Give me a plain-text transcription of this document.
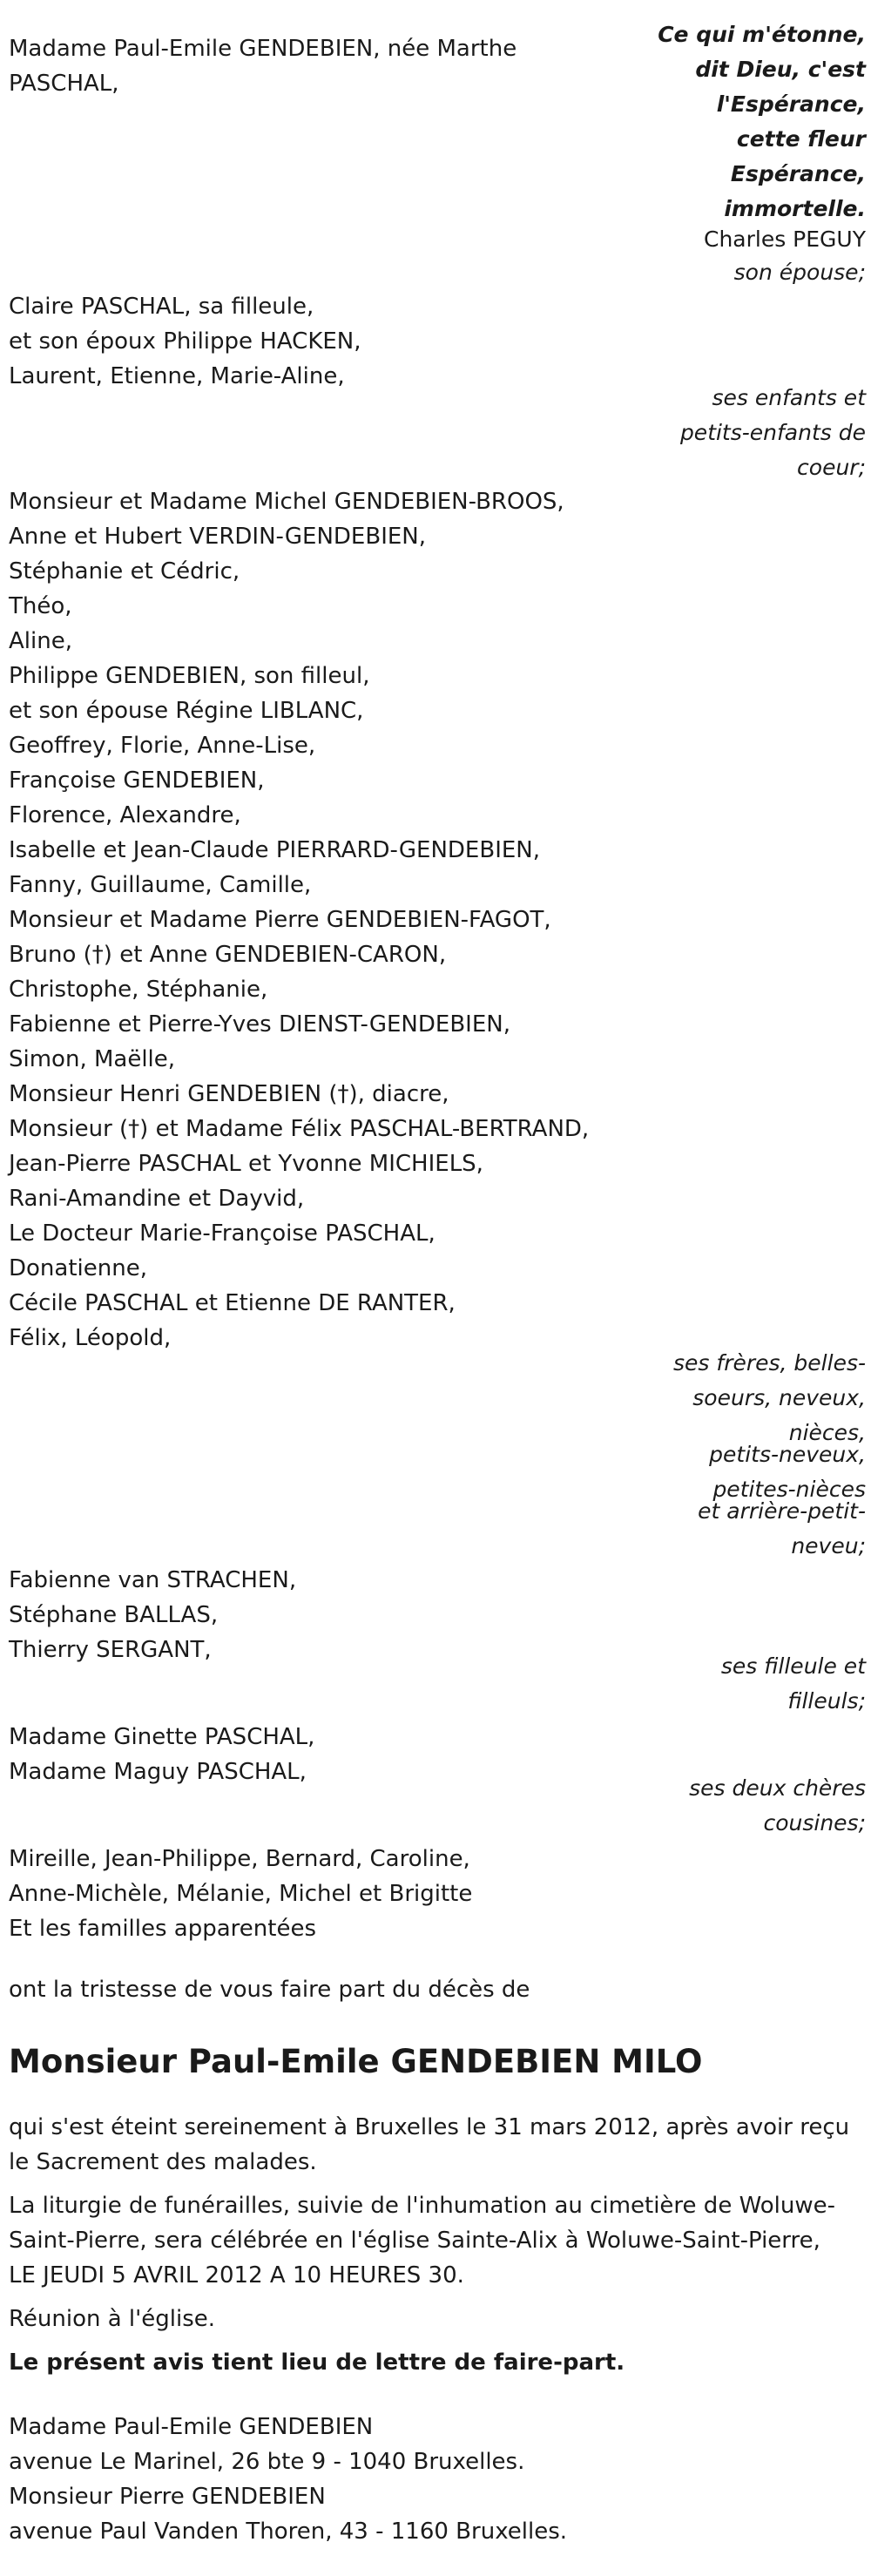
Madame Paul-Emile GENDEBIEN, née Marthe
PASCHAL,
Ce qui m'étonne,
dit Dieu, c'est
l'Espérance,
cette fleur
Espérance,
immortelle.
Charles PEGUY
son épouse;
Claire PASCHAL, sa filleule,
et son époux Philippe HACKEN,
Laurent, Etienne, Marie-Aline,
ses enfants et
petits-enfants de
coeur;
Monsieur et Madame Michel GENDEBIEN-BROOS,
Anne et Hubert VERDIN-GENDEBIEN,
Stéphanie et Cédric,
Théo,
Aline,
Philippe GENDEBIEN, son filleul,
et son épouse Régine LIBLANC,
Geoffrey, Florie, Anne-Lise,
Françoise GENDEBIEN,
Florence, Alexandre,
Isabelle et Jean-Claude PIERRARD-GENDEBIEN,
Fanny, Guillaume, Camille,
Monsieur et Madame Pierre GENDEBIEN-FAGOT,
Bruno (†) et Anne GENDEBIEN-CARON,
Christophe, Stéphanie,
Fabienne et Pierre-Yves DIENST-GENDEBIEN,
Simon, Maëlle,
Monsieur Henri GENDEBIEN (†), diacre,
Monsieur (†) et Madame Félix PASCHAL-BERTRAND,
Jean-Pierre PASCHAL et Yvonne MICHIELS,
Rani-Amandine et Dayvid,
Le Docteur Marie-Françoise PASCHAL,
Donatienne,
Cécile PASCHAL et Etienne DE RANTER,
Félix, Léopold,
ses frères, belles-
soeurs, neveux,
nièces,
petits-neveux,
petites-nièces
et arrière-petit-
neveu;
Fabienne van STRACHEN,
Stéphane BALLAS,
Thierry SERGANT,
ses filleule et
filleuls;
Madame Ginette PASCHAL,
Madame Maguy PASCHAL,
ses deux chères
cousines;
Mireille, Jean-Philippe, Bernard, Caroline,
Anne-Michèle, Mélanie, Michel et Brigitte
Et les familles apparentées
ont la tristesse de vous faire part du décès de
Monsieur Paul-Emile GENDEBIEN MILO
qui s'est éteint sereinement à Bruxelles le 31 mars 2012, après avoir reçu
le Sacrement des malades.
La liturgie de funérailles, suivie de l'inhumation au cimetière de Woluwe-
Saint-Pierre, sera célébrée en l'église Sainte-Alix à Woluwe-Saint-Pierre,
LE JEUDI 5 AVRIL 2012 A 10 HEURES 30.
Réunion à l'église.
Le présent avis tient lieu de lettre de faire-part.
Madame Paul-Emile GENDEBIEN
avenue Le Marinel, 26 bte 9 - 1040 Bruxelles.
Monsieur Pierre GENDEBIEN
avenue Paul Vanden Thoren, 43 - 1160 Bruxelles.
